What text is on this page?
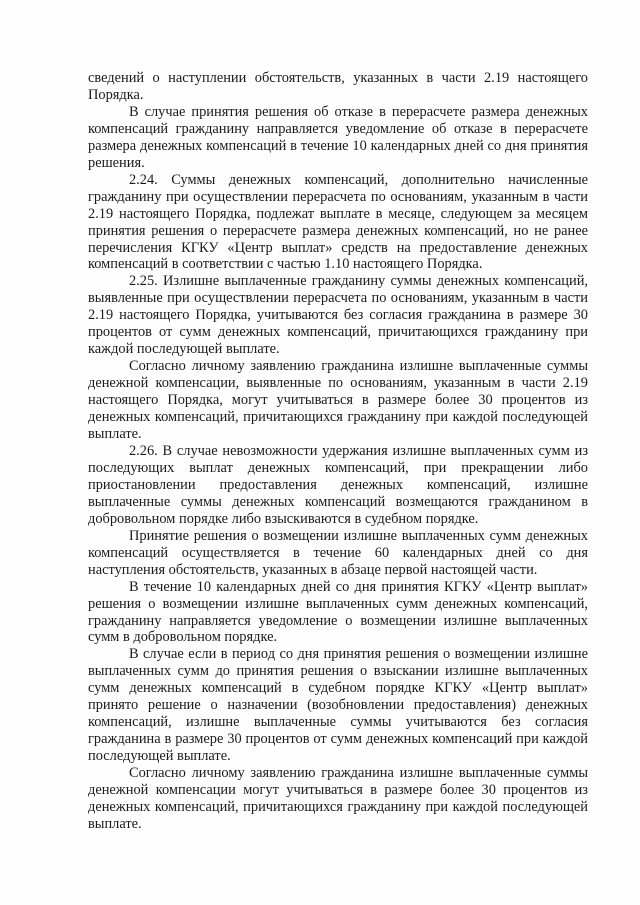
сведений о наступлении обстоятельств, указанных в части 2.19 настоящего Порядка.

В случае принятия решения об отказе в перерасчете размера денежных компенсаций гражданину направляется уведомление об отказе в перерасчете размера денежных компенсаций в течение 10 календарных дней со дня принятия решения.

2.24. Суммы денежных компенсаций, дополнительно начисленные гражданину при осуществлении перерасчета по основаниям, указанным в части 2.19 настоящего Порядка, подлежат выплате в месяце, следующем за месяцем принятия решения о перерасчете размера денежных компенсаций, но не ранее перечисления КГКУ «Центр выплат» средств на предоставление денежных компенсаций в соответствии с частью 1.10 настоящего Порядка.

2.25. Излишне выплаченные гражданину суммы денежных компенсаций, выявленные при осуществлении перерасчета по основаниям, указанным в части 2.19 настоящего Порядка, учитываются без согласия гражданина в размере 30 процентов от сумм денежных компенсаций, причитающихся гражданину при каждой последующей выплате.

Согласно личному заявлению гражданина излишне выплаченные суммы денежной компенсации, выявленные по основаниям, указанным в части 2.19 настоящего Порядка, могут учитываться в размере более 30 процентов из денежных компенсаций, причитающихся гражданину при каждой последующей выплате.

2.26. В случае невозможности удержания излишне выплаченных сумм из последующих выплат денежных компенсаций, при прекращении либо приостановлении предоставления денежных компенсаций, излишне выплаченные суммы денежных компенсаций возмещаются гражданином в добровольном порядке либо взыскиваются в судебном порядке.

Принятие решения о возмещении излишне выплаченных сумм денежных компенсаций осуществляется в течение 60 календарных дней со дня наступления обстоятельств, указанных в абзаце первой настоящей части.

В течение 10 календарных дней со дня принятия КГКУ «Центр выплат» решения о возмещении излишне выплаченных сумм денежных компенсаций, гражданину направляется уведомление о возмещении излишне выплаченных сумм в добровольном порядке.

В случае если в период со дня принятия решения о возмещении излишне выплаченных сумм до принятия решения о взыскании излишне выплаченных сумм денежных компенсаций в судебном порядке КГКУ «Центр выплат» принято решение о назначении (возобновлении предоставления) денежных компенсаций, излишне выплаченные суммы учитываются без согласия гражданина в размере 30 процентов от сумм денежных компенсаций при каждой последующей выплате.

Согласно личному заявлению гражданина излишне выплаченные суммы денежной компенсации могут учитываться в размере более 30 процентов из денежных компенсаций, причитающихся гражданину при каждой последующей выплате.
